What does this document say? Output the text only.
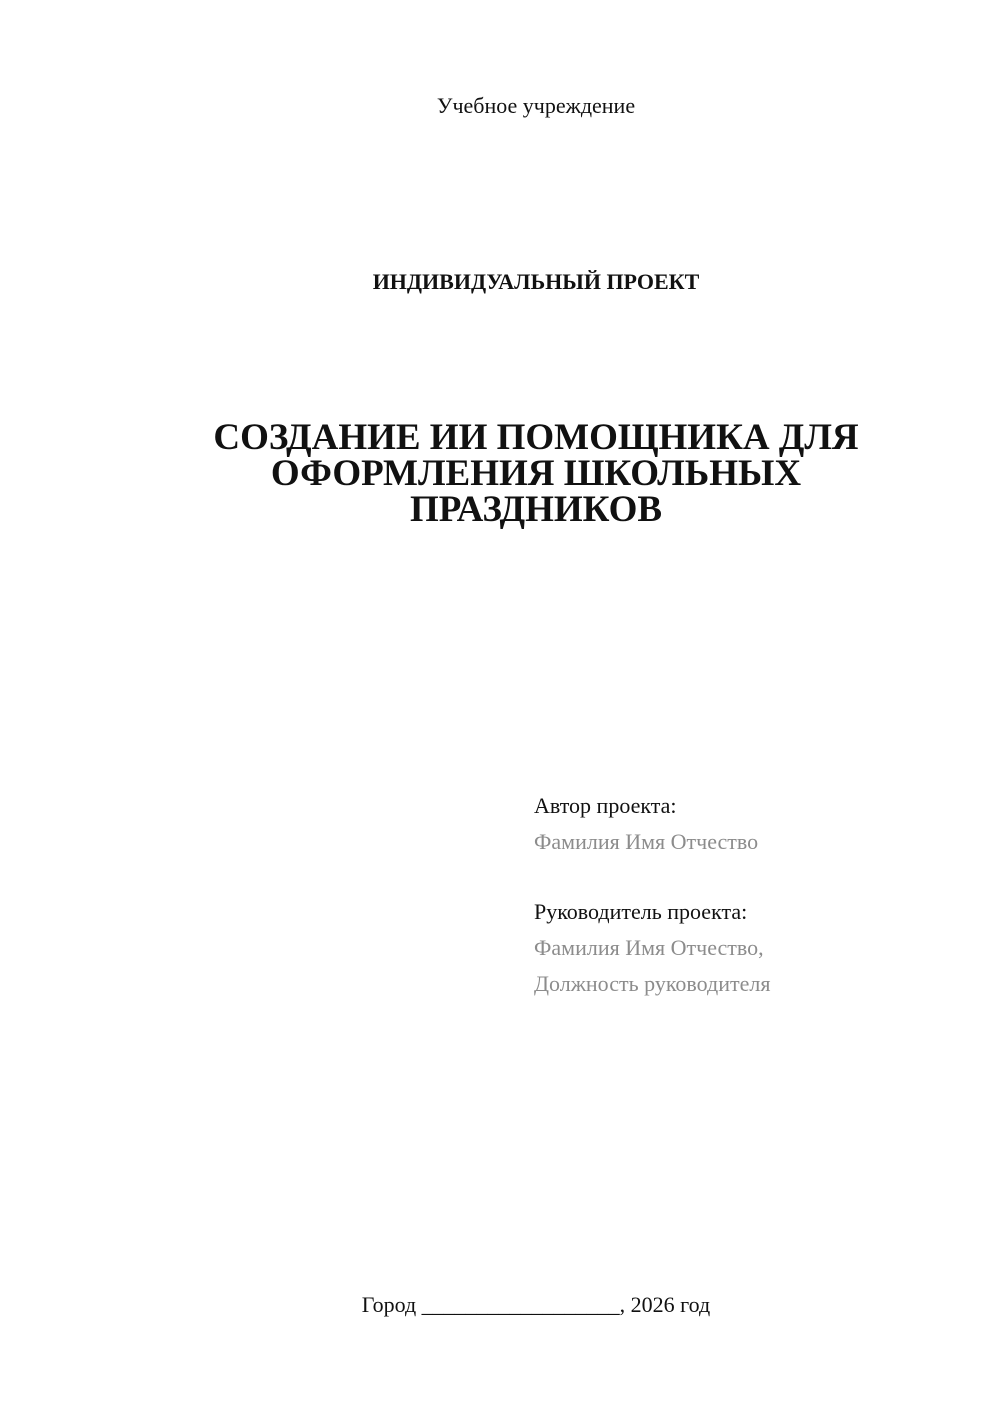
Учебное учреждение
ИНДИВИДУАЛЬНЫЙ ПРОЕКТ
СОЗДАНИЕ ИИ ПОМОЩНИКА ДЛЯ
ОФОРМЛЕНИЯ ШКОЛЬНЫХ
ПРАЗДНИКОВ
Автор проекта:
Фамилия Имя Отчество
Руководитель проекта:
Фамилия Имя Отчество,
Должность руководителя
Город __________________, 2026 год
